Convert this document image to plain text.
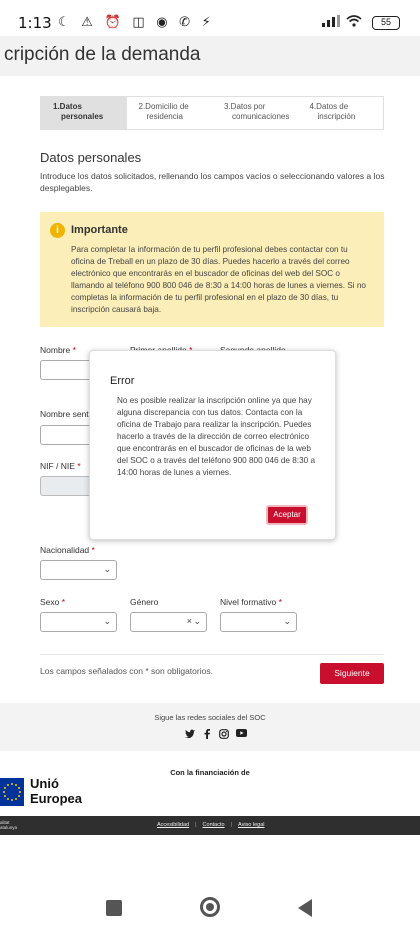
1:13 ☾ ⚠ ⏰ ◫ ◉ ✆ ⚡	55
cripción de la demanda
1.Datos
personales
2.Domicilio de
residencia
3.Datos por
comunicaciones
4.Datos de
inscripción
Datos personales
Introduce los datos solicitados, rellenando los campos vacíos o seleccionando valores a los desplegables.
i	Importante
Para completar la información de tu perfil profesional debes contactar con tu oficina de Treball en un plazo de 30 días. Puedes hacerlo a través del correo electrónico que encontrarás en el buscador de oficinas del web del SOC o llamando al teléfono 900 800 046 de 8:30 a 14:00 horas de lunes a viernes. Si no completas la información de tu perfil profesional en el plazo de 30 días, tu inscripción causará baja.
Nombre *
Nombre sent
NIF / NIE *
Nacionalidad *
⌄
Sexo *	Género	Nivel formativo *
⌄	× ⌄	⌄
Los campos señalados con * son obligatorios.	Siguiente
Sigue las redes sociales del SOC
Con la financiación de
Unió
Europea
alitat
atalunya	Accesibilidad | Contacto | Aviso legal
Error
No es posible realizar la inscripción online ya que hay alguna discrepancia con tus datos. Contacta con la oficina de Trabajo para realizar la inscripción. Puedes hacerlo a través de la dirección de correo electrónico que encontrarás en el buscador de oficinas de la web del SOC o a través del teléfono 900 800 046 de 8:30 a 14:00 horas de lunes a viernes.
Aceptar
